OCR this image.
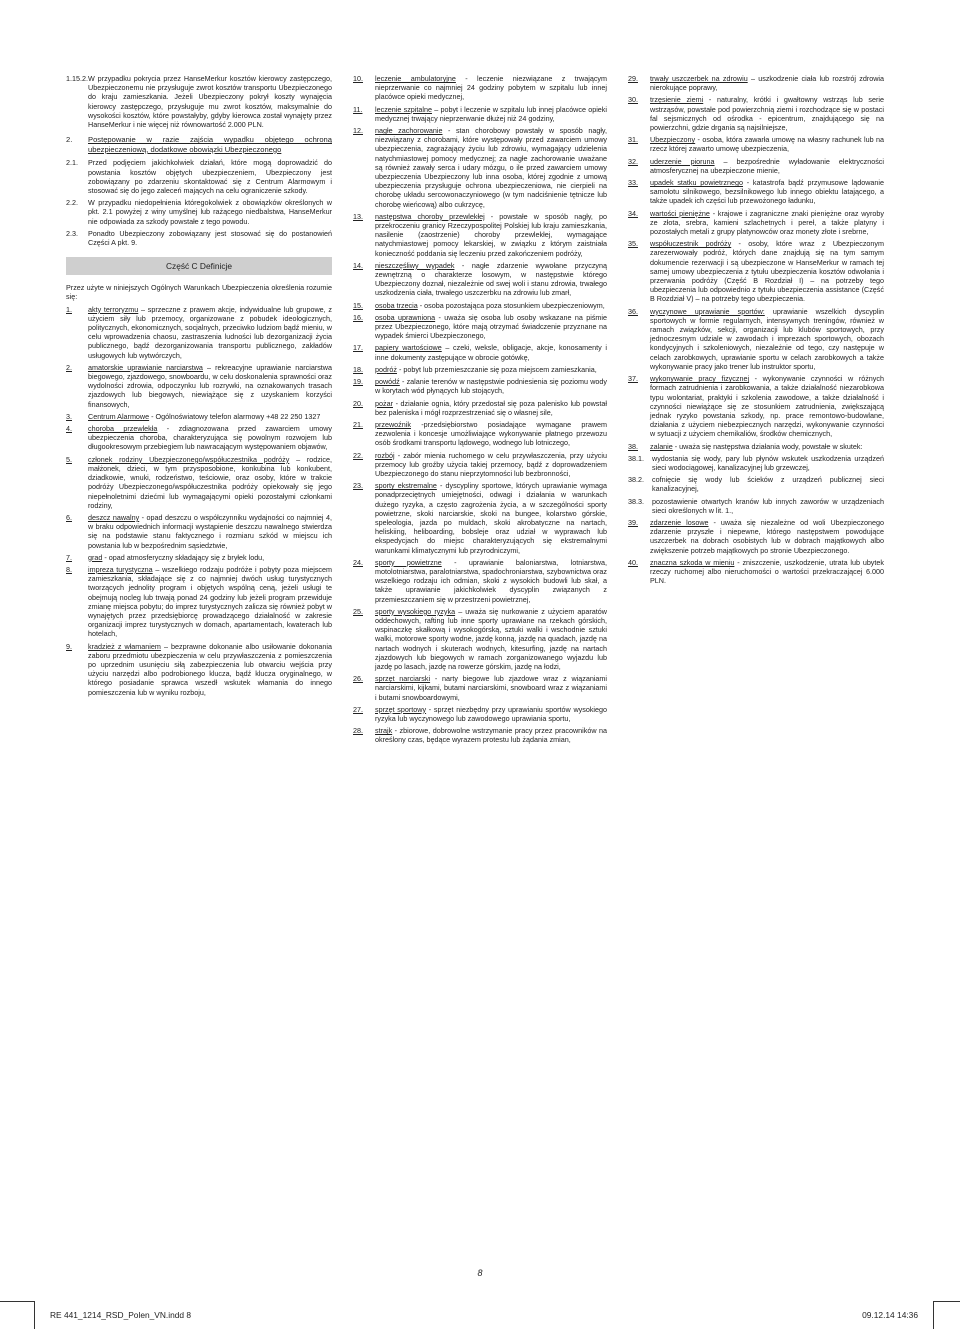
1.15.2. W przypadku pokrycia przez HanseMerkur kosztów kierowcy zastępczego, Ubezpieczonemu nie przysługuje zwrot kosztów transportu Ubezpieczonego do kraju zamieszkania. Jeżeli Ubezpieczony pokrył koszty wynajęcia kierowcy zastępczego, przysługuje mu zwrot kosztów, maksymalnie do wysokości kosztów, które powstałyby, gdyby kierowca został wynajęty przez HanseMerkur i nie więcej niż równowartość 2.000 PLN.
2.	Postępowanie w razie zajścia wypadku objętego ochroną ubezpieczeniową, dodatkowe obowiązki Ubezpieczonego
2.1.	Przed podjęciem jakichkolwiek działań, które mogą doprowadzić do powstania kosztów objętych ubezpieczeniem, Ubezpieczony jest zobowiązany po zdarzeniu skontaktować się z Centrum Alarmowym i stosować się do jego zaleceń mających na celu ograniczenie szkody.
2.2.	W przypadku niedopełnienia któregokolwiek z obowiązków określonych w pkt. 2.1 powyżej z winy umyślnej lub rażącego niedbalstwa, HanseMerkur nie odpowiada za szkody powstałe z tego powodu.
2.3.	Ponadto Ubezpieczony zobowiązany jest stosować się do postanowień Części A pkt. 9.
Część C Definicje
Przez użyte w niniejszych Ogólnych Warunkach Ubezpieczenia określenia rozumie się:
1.	akty terroryzmu – sprzeczne z prawem akcje, indywidualne lub grupowe, z użyciem siły lub przemocy, organizowane z pobudek ideologicznych, politycznych, ekonomicznych, socjalnych, przeciwko ludziom bądź mieniu, w celu wprowadzenia chaosu, zastraszenia ludności lub dezorganizacji życia publicznego, bądź dezorganizowania transportu publicznego, zakładów usługowych lub wytwórczych,
2.	amatorskie uprawianie narciarstwa – rekreacyjne uprawianie narciarstwa biegowego, zjazdowego, snowboardu, w celu doskonalenia sprawności oraz wydolności zdrowia, odpoczynku lub rozrywki, na oznakowanych trasach zjazdowych lub biegowych, niewiążące się z uzyskaniem korzyści finansowych,
3.	Centrum Alarmowe - Ogólnoświatowy telefon alarmowy +48 22 250 1327
4.	choroba przewlekła - zdiagnozowana przed zawarciem umowy ubezpieczenia choroba, charakteryzująca się powolnym rozwojem lub długookresowym przebiegiem lub nawracającym występowaniem objawów,
5.	członek rodziny Ubezpieczonego/współuczestnika podróży – rodzice, małżonek, dzieci, w tym przysposobione, konkubina lub konkubent, dziadkowie, wnuki, rodzeństwo, teściowie, oraz osoby, które w trakcie podróży Ubezpieczonego/współuczestnika podróży opiekowały się jego niepełnoletnimi dziećmi lub wymagającymi opieki pozostałymi członkami rodziny,
6.	deszcz nawalny - opad deszczu o współczynniku wydajności co najmniej 4, w braku odpowiednich informacji wystąpienie deszczu nawalnego stwierdza się na podstawie stanu faktycznego i rozmiaru szkód w miejscu ich powstania lub w bezpośrednim sąsiedztwie,
7.	grad - opad atmosferyczny składający się z bryłek lodu,
8.	impreza turystyczna – wszelkiego rodzaju podróże i pobyty poza miejscem zamieszkania, składające się z co najmniej dwóch usług turystycznych tworzących jednolity program i objętych wspólną ceną, jeżeli usługi te obejmują nocleg lub trwają ponad 24 godziny lub jeżeli program przewiduje zmianę miejsca pobytu; do imprez turystycznych zalicza się również pobyt w wynajętych przez przedsiębiorcę prowadzącego działalność w zakresie organizacji imprez turystycznych w domach, apartamentach, kwaterach lub hotelach,
9.	kradzież z włamaniem – bezprawne dokonanie albo usiłowanie dokonania zaboru przedmiotu ubezpieczenia w celu przywłaszczenia z pomieszczenia po uprzednim usunięciu siłą zabezpieczenia lub otwarciu wejścia przy użyciu narzędzi albo podrobionego klucza, bądź klucza oryginalnego, w którego posiadanie sprawca wszedł wskutek włamania do innego pomieszczenia lub w wyniku rozboju,
10.	leczenie ambulatoryjne - leczenie niezwiązane z trwającym nieprzerwanie co najmniej 24 godziny pobytem w szpitalu lub innej placówce opieki medycznej,
11.	leczenie szpitalne – pobyt i leczenie w szpitalu lub innej placówce opieki medycznej trwający nieprzerwanie dłużej niż 24 godziny,
12.	nagłe zachorowanie - stan chorobowy powstały w sposób nagły, niezwiązany z chorobami, które występowały przed zawarciem umowy ubezpieczenia, zagrażający życiu lub zdrowiu, wymagający udzielenia natychmiastowej pomocy medycznej; za nagłe zachorowanie uważane są również zawały serca i udary mózgu, o ile przed zawarciem umowy ubezpieczenia Ubezpieczony lub inna osoba, której zgodnie z umową ubezpieczenia przysługuje ochrona ubezpieczeniowa, nie cierpieli na chorobę układu sercowonaczyniowego (w tym nadciśnienie tętnicze lub chorobę wieńcową) albo cukrzycę,
13.	następstwa choroby przewlekłej - powstałe w sposób nagły, po przekroczeniu granicy Rzeczypospolitej Polskiej lub kraju zamieszkania, nasilenie (zaostrzenie) choroby przewlekłej, wymagające natychmiastowej pomocy lekarskiej, w związku z którym zaistniała konieczność poddania się leczeniu przed zakończeniem podróży,
14.	nieszczęśliwy wypadek - nagłe zdarzenie wywołane przyczyną zewnętrzną o charakterze losowym, w następstwie którego Ubezpieczony doznał, niezależnie od swej woli i stanu zdrowia, trwałego uszkodzenia ciała, trwałego uszczerbku na zdrowiu lub zmarł,
15.	osoba trzecia - osoba pozostająca poza stosunkiem ubezpieczeniowym,
16.	osoba uprawniona - uważa się osoba lub osoby wskazane na piśmie przez Ubezpieczonego, które mają otrzymać świadczenie przyznane na wypadek śmierci Ubezpieczonego,
17.	papiery wartościowe – czeki, weksle, obligacje, akcje, konosamenty i inne dokumenty zastępujące w obrocie gotówkę,
18.	podróż - pobyt lub przemieszczanie się poza miejscem zamieszkania,
19.	powódź - zalanie terenów w następstwie podniesienia się poziomu wody w korytach wód płynących lub stojących,
20.	pożar - działanie ognia, który przedostał się poza palenisko lub powstał bez paleniska i mógł rozprzestrzeniać się o własnej sile,
21.	przewoźnik -przedsiębiorstwo posiadające wymagane prawem zezwolenia i koncesje umożliwiające wykonywanie płatnego przewozu osób środkami transportu lądowego, wodnego lub lotniczego,
22.	rozbój - zabór mienia ruchomego w celu przywłaszczenia, przy użyciu przemocy lub groźby użycia takiej przemocy, bądź z doprowadzeniem Ubezpieczonego do stanu nieprzytomności lub bezbronności,
23.	sporty ekstremalne - dyscypliny sportowe, których uprawianie wymaga ponadprzeciętnych umiejętności, odwagi i działania w warunkach dużego ryzyka, a często zagrożenia życia, a w szczególności sporty powietrzne, skoki narciarskie, skoki na bungee, kolarstwo górskie, speleologia, jazda po muldach, skoki akrobatyczne na nartach, heliskiing, heliboarding, bobsleje oraz udział w wyprawach lub ekspedycjach do miejsc charakteryzujących się ekstremalnymi warunkami klimatycznymi lub przyrodniczymi,
24.	sporty powietrzne - uprawianie baloniarstwa, lotniarstwa, motolotniarstwa, paralotniarstwa, spadochroniarstwa, szybownictwa oraz wszelkiego rodzaju ich odmian, skoki z wysokich budowli lub skał, a także uprawianie jakichkolwiek dyscyplin związanych z przemieszczaniem się w przestrzeni powietrznej,
25.	sporty wysokiego ryzyka – uważa się nurkowanie z użyciem aparatów oddechowych, rafting lub inne sporty uprawiane na rzekach górskich, wspinaczkę skałkową i wysokogórską, sztuki walki i wschodnie sztuki walki, motorowe sporty wodne, jazdę konną, jazdę na quadach, jazdę na nartach wodnych i skuterach wodnych, kitesurfing, jazdę na nartach zjazdowych lub biegowych w ramach zorganizowanego wyjazdu lub jazdę po lasach, jazdę na rowerze górskim, jazdę na łodzi,
26.	sprzęt narciarski - narty biegowe lub zjazdowe wraz z wiązaniami narciarskimi, kijkami, butami narciarskimi, snowboard wraz z wiązaniami i butami snowboardowymi,
27.	sprzęt sportowy - sprzęt niezbędny przy uprawianiu sportów wysokiego ryzyka lub wyczynowego lub zawodowego uprawiania sportu,
28.	strajk - zbiorowe, dobrowolne wstrzymanie pracy przez pracowników na określony czas, będące wyrazem protestu lub żądania zmian,
29.	trwały uszczerbek na zdrowiu – uszkodzenie ciała lub rozstrój zdrowia nierokujące poprawy,
30.	trzęsienie ziemi - naturalny, krótki i gwałtowny wstrząs lub serie wstrząsów, powstałe pod powierzchnią ziemi i rozchodzące się w postaci fal sejsmicznych od ośrodka - epicentrum, znajdującego się na powierzchni, gdzie drgania są najsilniejsze,
31.	Ubezpieczony - osoba, która zawarła umowę na własny rachunek lub na rzecz której zawarto umowę ubezpieczenia,
32.	uderzenie pioruna – bezpośrednie wyładowanie elektryczności atmosferycznej na ubezpieczone mienie,
33.	upadek statku powietrznego - katastrofa bądź przymusowe lądowanie samolotu silnikowego, bezsilnikowego lub innego obiektu latającego, a także upadek ich części lub przewożonego ładunku,
34.	wartości pieniężne - krajowe i zagraniczne znaki pieniężne oraz wyroby ze złota, srebra, kamieni szlachetnych i pereł, a także platyny i pozostałych metali z grupy platynowców oraz monety złote i srebrne,
35.	współuczestnik podróży - osoby, które wraz z Ubezpieczonym zarezerwowały podróż, których dane znajdują się na tym samym dokumencie rezerwacji i są ubezpieczone w HanseMerkur w ramach tej samej umowy ubezpieczenia z tytułu ubezpieczenia kosztów odwołania i przerwania podróży (Część B Rozdział I) – na potrzeby tego ubezpieczenia lub odpowiednio z tytułu ubezpieczenia assistance (Część B Rozdział V) – na potrzeby tego ubezpieczenia.
36.	wyczynowe uprawianie sportów: uprawianie wszelkich dyscyplin sportowych w formie regularnych, intensywnych treningów, również w ramach związków, sekcji, organizacji lub klubów sportowych, przy jednoczesnym udziale w zawodach i imprezach sportowych, obozach kondycyjnych i szkoleniowych, niezależnie od tego, czy następuje w celach zarobkowych, uprawianie sportu w celach zarobkowych a także wykonywanie pracy jako trener lub instruktor sportu,
37.	wykonywanie pracy fizycznej - wykonywanie czynności w różnych formach zatrudnienia i zarobkowania, a także działalność niezarobkowa typu wolontariat, praktyki i szkolenia zawodowe, a także działalność i czynności niewiążące się ze stosunkiem zatrudnienia, zwiększającą jednak ryzyko powstania szkody, np. prace remontowo-budowlane, działania z użyciem niebezpiecznych narzędzi, wykonywanie czynności w sytuacji z użyciem chemikaliów, środków chemicznych,
38.	zalanie - uważa się następstwa działania wody, powstałe w skutek:
38.1.	wydostania się wody, pary lub płynów wskutek uszkodzenia urządzeń sieci wodociągowej, kanalizacyjnej lub grzewczej,
38.2.	cofnięcie się wody lub ścieków z urządzeń publicznej sieci kanalizacyjnej,
38.3.	pozostawienie otwartych kranów lub innych zaworów w urządzeniach sieci określonych w lit. 1.,
39.	zdarzenie losowe - uważa się niezależne od woli Ubezpieczonego zdarzenie przyszłe i niepewne, którego następstwem powodujące uszczerbek na dobrach osobistych lub w dobrach majątkowych albo zwiększenie potrzeb majątkowych po stronie Ubezpieczonego.
40.	znaczna szkoda w mieniu - zniszczenie, uszkodzenie, utrata lub ubytek rzeczy ruchomej albo nieruchomości o wartości przekraczającej 6.000 PLN.
8
RE 441_1214_RSD_Polen_VN.indd 8	09.12.14 14:36
